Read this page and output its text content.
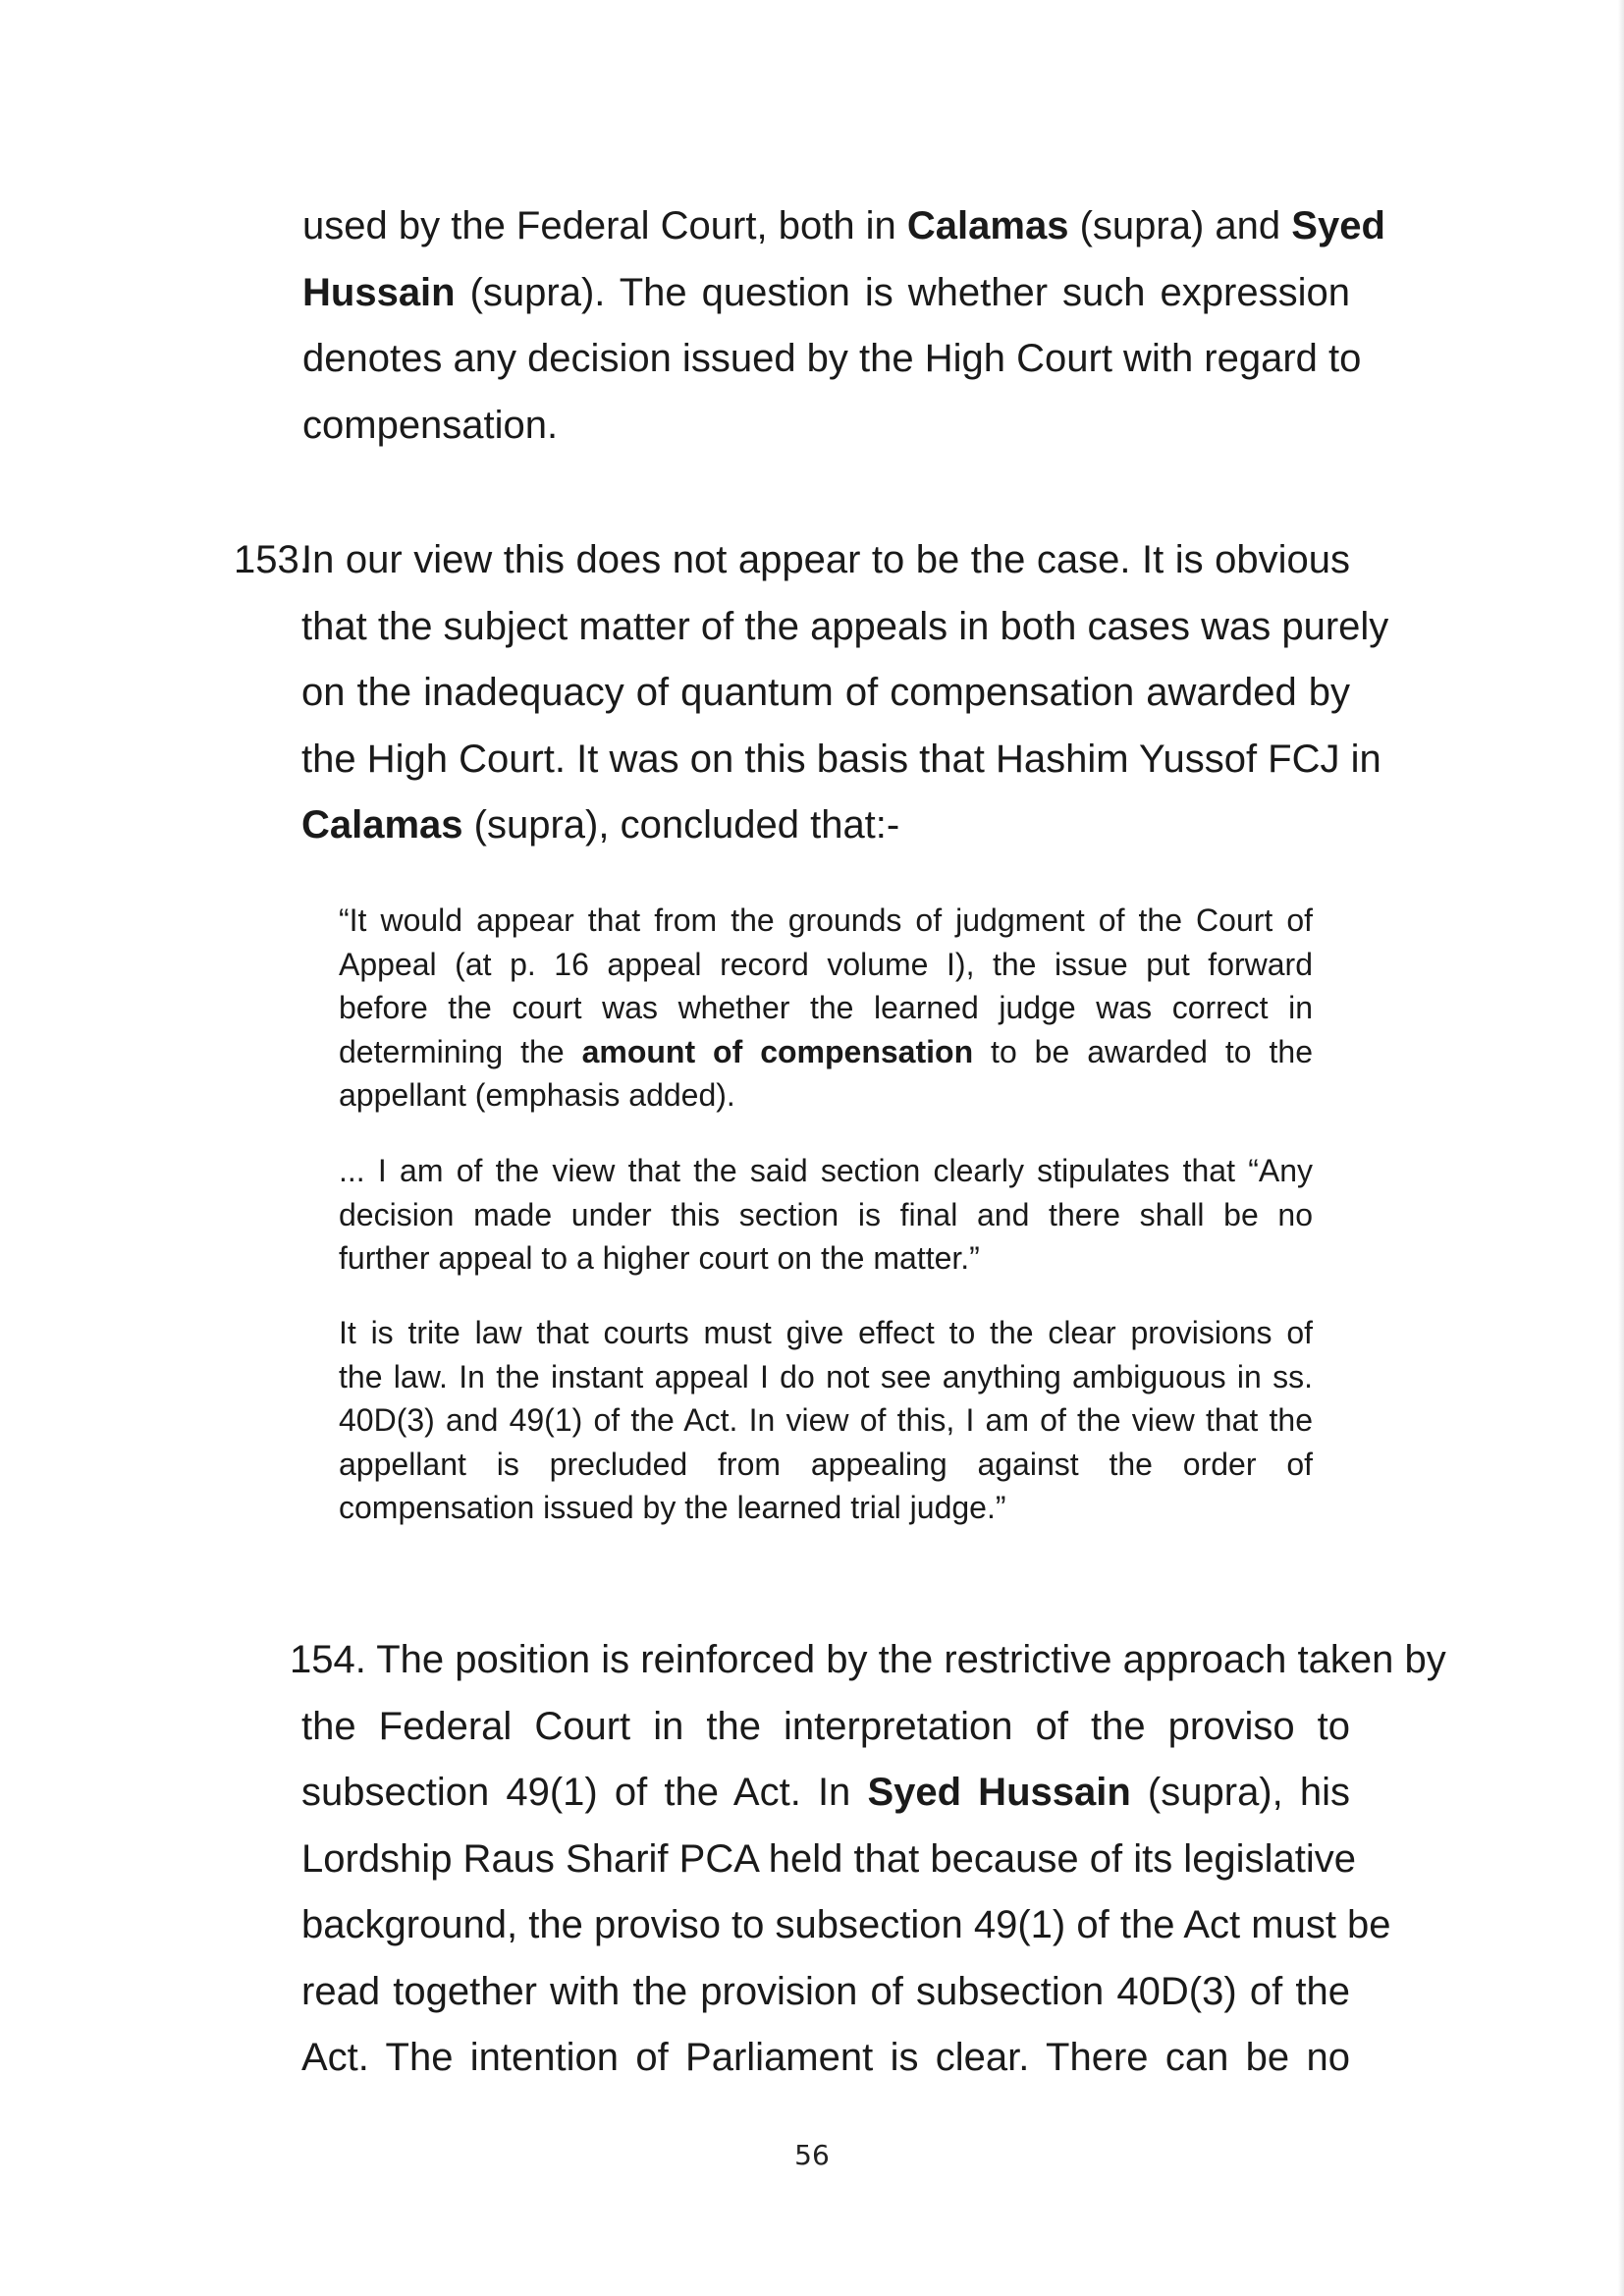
used by the Federal Court, both in Calamas (supra) and Syed
Hussain (supra). The question is whether such expression
denotes any decision issued by the High Court with regard to
compensation.
153.
In our view this does not appear to be the case. It is obvious
that the subject matter of the appeals in both cases was purely
on the inadequacy of quantum of compensation awarded by
the High Court. It was on this basis that Hashim Yussof FCJ in
Calamas (supra), concluded that:-
“It would appear that from the grounds of judgment of the Court of
Appeal (at p. 16 appeal record volume I), the issue put forward
before the court was whether the learned judge was correct in
determining the amount of compensation to be awarded to the
appellant (emphasis added).
... I am of the view that the said section clearly stipulates that “Any
decision made under this section is final and there shall be no
further appeal to a higher court on the matter.”
It is trite law that courts must give effect to the clear provisions of
the law. In the instant appeal I do not see anything ambiguous in ss.
40D(3) and 49(1) of the Act. In view of this, I am of the view that the
appellant is precluded from appealing against the order of
compensation issued by the learned trial judge.”
154. The position is reinforced by the restrictive approach taken by
the Federal Court in the interpretation of the proviso to
subsection 49(1) of the Act. In Syed Hussain (supra), his
Lordship Raus Sharif PCA held that because of its legislative
background, the proviso to subsection 49(1) of the Act must be
read together with the provision of subsection 40D(3) of the
Act. The intention of Parliament is clear. There can be no
56
